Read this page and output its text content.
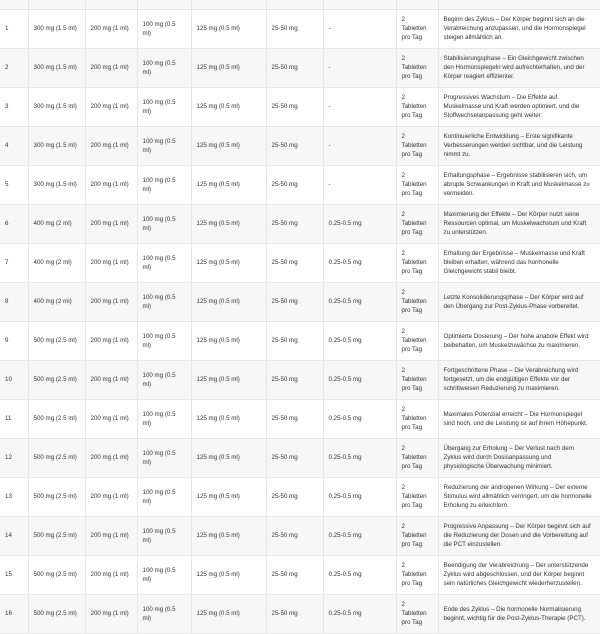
1	300 mg (1.5 ml)	200 mg (1 ml)	100 mg (0.5 ml)	125 mg (0.5 ml)	25-50 mg	-	2 Tabletten pro Tag	Beginn des Zyklus – Der Körper beginnt sich an die Verabreichung anzupassen, und die Hormonspiegel steigen allmählich an.
2	300 mg (1.5 ml)	200 mg (1 ml)	100 mg (0.5 ml)	125 mg (0.5 ml)	25-50 mg	-	2 Tabletten pro Tag	Stabilisierungsphase – Ein Gleichgewicht zwischen den Hormonspiegeln wird aufrechterhalten, und der Körper reagiert effizienter.
3	300 mg (1.5 ml)	200 mg (1 ml)	100 mg (0.5 ml)	125 mg (0.5 ml)	25-50 mg	-	2 Tabletten pro Tag	Progressives Wachstum – Die Effekte auf Muskelmasse und Kraft werden optimiert, und die Stoffwechselanpassung geht weiter.
4	300 mg (1.5 ml)	200 mg (1 ml)	100 mg (0.5 ml)	125 mg (0.5 ml)	25-50 mg	-	2 Tabletten pro Tag	Kontinuierliche Entwicklung – Erste signifikante Verbesserungen werden sichtbar, und die Leistung nimmt zu.
5	300 mg (1.5 ml)	200 mg (1 ml)	100 mg (0.5 ml)	125 mg (0.5 ml)	25-50 mg	-	2 Tabletten pro Tag	Erhaltungsphase – Ergebnisse stabilisieren sich, um abrupte Schwankungen in Kraft und Muskelmasse zu vermeiden.
6	400 mg (2 ml)	200 mg (1 ml)	100 mg (0.5 ml)	125 mg (0.5 ml)	25-50 mg	0.25-0.5 mg	2 Tabletten pro Tag	Maximierung der Effekte – Der Körper nutzt seine Ressourcen optimal, um Muskelwachstum und Kraft zu unterstützen.
7	400 mg (2 ml)	200 mg (1 ml)	100 mg (0.5 ml)	125 mg (0.5 ml)	25-50 mg	0.25-0.5 mg	2 Tabletten pro Tag	Erhaltung der Ergebnisse – Muskelmasse und Kraft bleiben erhalten, während das hormonelle Gleichgewicht stabil bleibt.
8	400 mg (2 ml)	200 mg (1 ml)	100 mg (0.5 ml)	125 mg (0.5 ml)	25-50 mg	0.25-0.5 mg	2 Tabletten pro Tag	Letzte Konsolidierungsphase – Der Körper wird auf den Übergang zur Post-Zyklus-Phase vorbereitet.
9	500 mg (2.5 ml)	200 mg (1 ml)	100 mg (0.5 ml)	125 mg (0.5 ml)	25-50 mg	0.25-0.5 mg	2 Tabletten pro Tag	Optimierte Dosierung – Der hohe anabole Effekt wird beibehalten, um Muskelzuwächse zu maximieren.
10	500 mg (2.5 ml)	200 mg (1 ml)	100 mg (0.5 ml)	125 mg (0.5 ml)	25-50 mg	0.25-0.5 mg	2 Tabletten pro Tag	Fortgeschrittene Phase – Die Verabreichung wird fortgesetzt, um die endgültigen Effekte vor der schrittweisen Reduzierung zu maximieren.
11	500 mg (2.5 ml)	200 mg (1 ml)	100 mg (0.5 ml)	125 mg (0.5 ml)	25-50 mg	0.25-0.5 mg	2 Tabletten pro Tag	Maximales Potenzial erreicht – Die Hormonspiegel sind hoch, und die Leistung ist auf ihrem Höhepunkt.
12	500 mg (2.5 ml)	200 mg (1 ml)	100 mg (0.5 ml)	125 mg (0.5 ml)	25-50 mg	0.25-0.5 mg	2 Tabletten pro Tag	Übergang zur Erholung – Der Verlust nach dem Zyklus wird durch Dosisanpassung und physiologische Überwachung minimiert.
13	500 mg (2.5 ml)	200 mg (1 ml)	100 mg (0.5 ml)	125 mg (0.5 ml)	25-50 mg	0.25-0.5 mg	2 Tabletten pro Tag	Reduzierung der androgenen Wirkung – Der externe Stimulus wird allmählich verringert, um die hormonelle Erholung zu erleichtern.
14	500 mg (2.5 ml)	200 mg (1 ml)	100 mg (0.5 ml)	125 mg (0.5 ml)	25-50 mg	0.25-0.5 mg	2 Tabletten pro Tag	Progressive Anpassung – Der Körper beginnt sich auf die Reduzierung der Dosen und die Vorbereitung auf die PCT einzustellen.
15	500 mg (2.5 ml)	200 mg (1 ml)	100 mg (0.5 ml)	125 mg (0.5 ml)	25-50 mg	0.25-0.5 mg	2 Tabletten pro Tag	Beendigung der Verabreichung – Der unterstützende Zyklus wird abgeschlossen, und der Körper beginnt sein natürliches Gleichgewicht wiederherzustellen.
16	500 mg (2.5 ml)	200 mg (1 ml)	100 mg (0.5 ml)	125 mg (0.5 ml)	25-50 mg	0.25-0.5 mg	2 Tabletten pro Tag	Ende des Zyklus – Die hormonelle Normalisierung beginnt, wichtig für die Post-Zyklus-Therapie (PCT).
